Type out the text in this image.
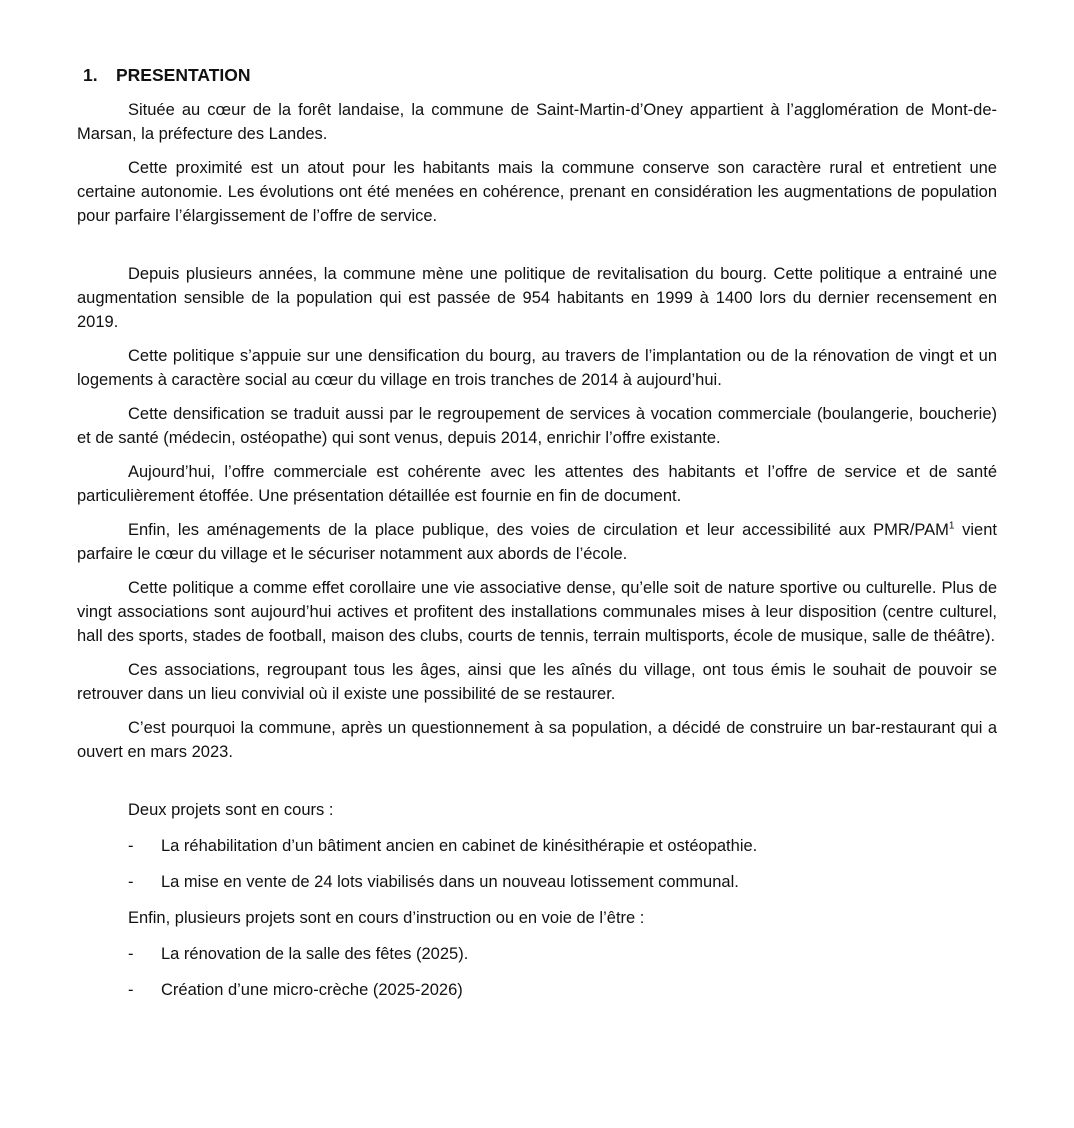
1. PRESENTATION

Située au cœur de la forêt landaise, la commune de Saint-Martin-d’Oney appartient à l’agglomération de Mont-de-Marsan, la préfecture des Landes.

Cette proximité est un atout pour les habitants mais la commune conserve son caractère rural et entretient une certaine autonomie. Les évolutions ont été menées en cohérence, prenant en considération les augmentations de population pour parfaire l’élargissement de l’offre de service.

Depuis plusieurs années, la commune mène une politique de revitalisation du bourg. Cette politique a entrainé une augmentation sensible de la population qui est passée de 954 habitants en 1999 à 1400 lors du dernier recensement en 2019.

Cette politique s’appuie sur une densification du bourg, au travers de l’implantation ou de la rénovation de vingt et un logements à caractère social au cœur du village en trois tranches de 2014 à aujourd’hui.

Cette densification se traduit aussi par le regroupement de services à vocation commerciale (boulangerie, boucherie) et de santé (médecin, ostéopathe) qui sont venus, depuis 2014, enrichir l’offre existante.

Aujourd’hui, l’offre commerciale est cohérente avec les attentes des habitants et l’offre de service et de santé particulièrement étoffée. Une présentation détaillée est fournie en fin de document.

Enfin, les aménagements de la place publique, des voies de circulation et leur accessibilité aux PMR/PAM$^1$ vient parfaire le cœur du village et le sécuriser notamment aux abords de l’école.

Cette politique a comme effet corollaire une vie associative dense, qu’elle soit de nature sportive ou culturelle. Plus de vingt associations sont aujourd’hui actives et profitent des installations communales mises à leur disposition (centre culturel, hall des sports, stades de football, maison des clubs, courts de tennis, terrain multisports, école de musique, salle de théâtre).

Ces associations, regroupant tous les âges, ainsi que les aînés du village, ont tous émis le souhait de pouvoir se retrouver dans un lieu convivial où il existe une possibilité de se restaurer.

C’est pourquoi la commune, après un questionnement à sa population, a décidé de construire un bar-restaurant qui a ouvert en mars 2023.

Deux projets sont en cours :
- La réhabilitation d’un bâtiment ancien en cabinet de kinésithérapie et ostéopathie.
- La mise en vente de 24 lots viabilisés dans un nouveau lotissement communal.
Enfin, plusieurs projets sont en cours d’instruction ou en voie de l’être :
- La rénovation de la salle des fêtes (2025).
- Création d’une micro-crèche (2025-2026)
